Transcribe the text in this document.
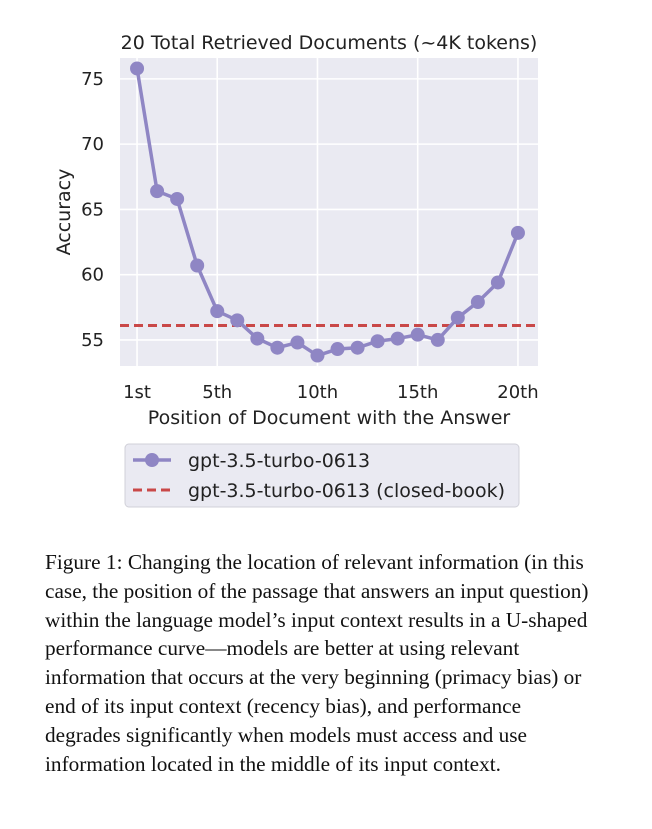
20 Total Retrieved Documents (~4K tokens)
1st	5th	10th	15th	20th
55
60
65
70
75
Position of Document with the Answer
Accuracy
gpt-3.5-turbo-0613
gpt-3.5-turbo-0613 (closed-book)

Figure 1: Changing the location of relevant information (in this case, the position of the passage that answers an input question) within the language model’s input context results in a U-shaped performance curve—models are better at using relevant information that occurs at the very beginning (primacy bias) or end of its input context (recency bias), and performance degrades significantly when models must access and use information located in the middle of its input context.
